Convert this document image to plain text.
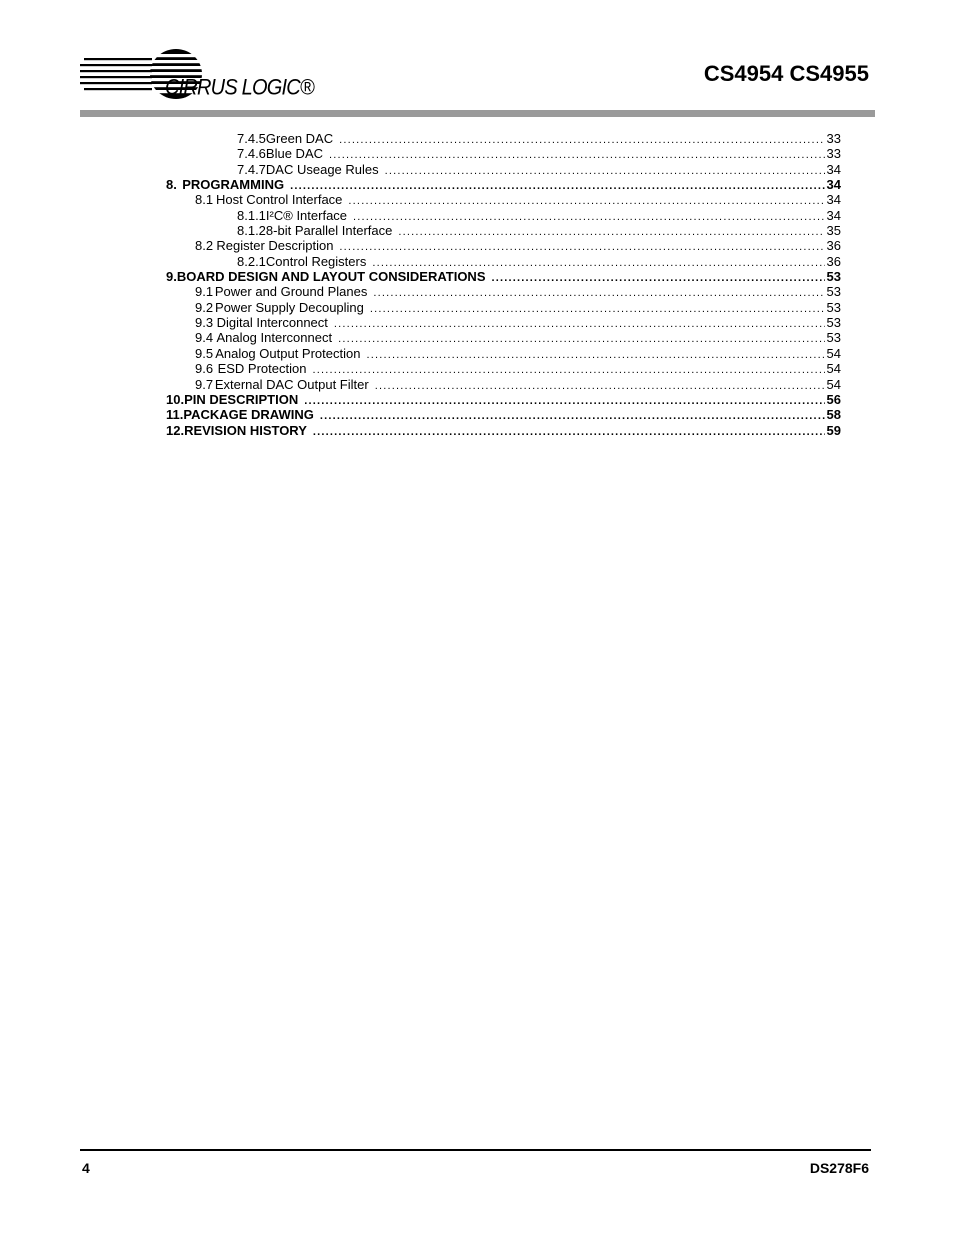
CIRRUS LOGIC®
CS4954 CS4955
7.4.5 Green DAC .....	33
7.4.6 Blue DAC .....	33
7.4.7 DAC Useage Rules .....	34
8. PROGRAMMING .....	34
8.1 Host Control Interface .....	34
8.1.1 I²C® Interface .....	34
8.1.2 8-bit Parallel Interface .....	35
8.2 Register Description .....	36
8.2.1 Control Registers .....	36
9. BOARD DESIGN AND LAYOUT CONSIDERATIONS .....	53
9.1 Power and Ground Planes .....	53
9.2 Power Supply Decoupling .....	53
9.3 Digital Interconnect .....	53
9.4 Analog Interconnect .....	53
9.5 Analog Output Protection .....	54
9.6 ESD Protection .....	54
9.7 External DAC Output Filter .....	54
10. PIN DESCRIPTION .....	56
11. PACKAGE DRAWING .....	58
12. REVISION HISTORY .....	59
4	DS278F6
